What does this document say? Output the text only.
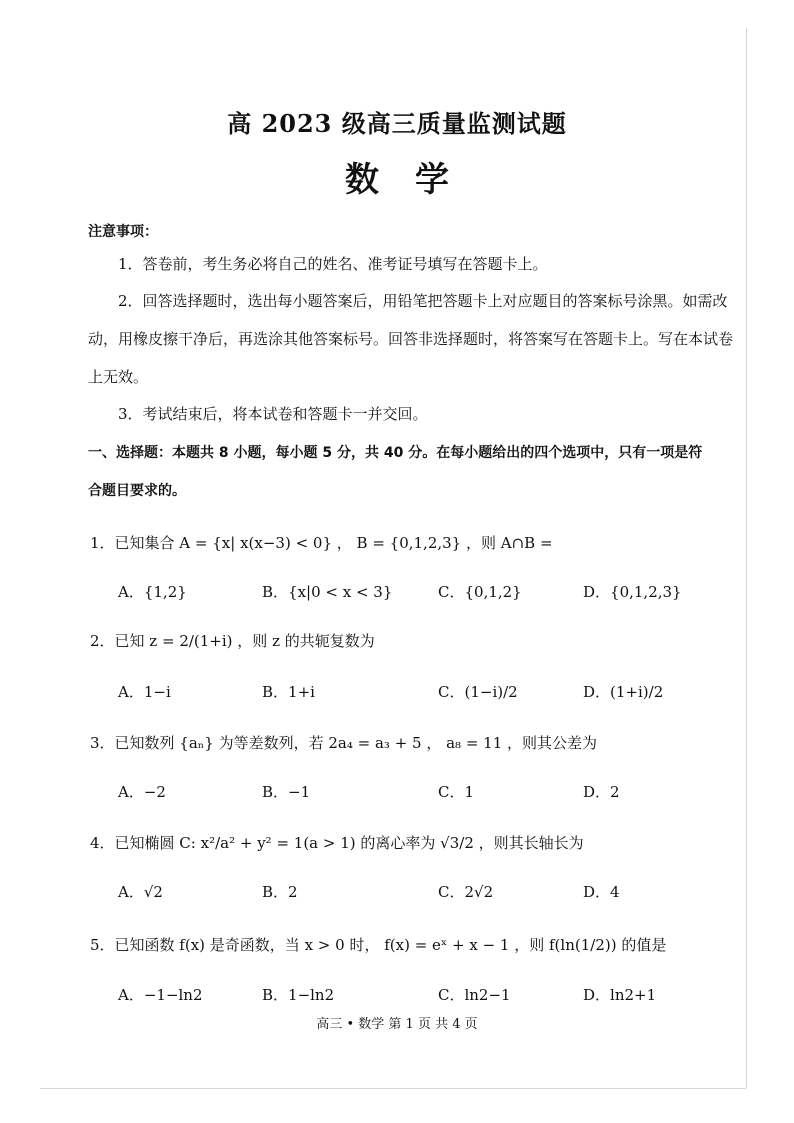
高 2023 级高三质量监测试题
数学
注意事项：
1．答卷前，考生务必将自己的姓名、准考证号填写在答题卡上。
2．回答选择题时，选出每小题答案后，用铅笔把答题卡上对应题目的答案标号涂黑。如需改
动，用橡皮擦干净后，再选涂其他答案标号。回答非选择题时，将答案写在答题卡上。写在本试卷
上无效。
3．考试结束后，将本试卷和答题卡一并交回。
一、选择题：本题共 8 小题，每小题 5 分，共 40 分。在每小题给出的四个选项中，只有一项是符
合题目要求的。
1．已知集合 A = {x| x(x−3) < 0} ， B = {0,1,2,3} ，则 A∩B =
A．{1,2}	B．{x|0 < x < 3}	C．{0,1,2}	D．{0,1,2,3}
2．已知 z = 2/(1+i) ，则 z 的共轭复数为
A．1−i	B．1+i	C．(1−i)/2	D．(1+i)/2
3．已知数列 {aₙ} 为等差数列，若 2a₄ = a₃ + 5 ， a₈ = 11 ，则其公差为
A．−2	B．−1	C．1	D．2
4．已知椭圆 C: x²/a² + y² = 1(a > 1) 的离心率为 √3/2 ，则其长轴长为
A．√2	B．2	C．2√2	D．4
5．已知函数 f(x) 是奇函数，当 x > 0 时， f(x) = eˣ + x − 1 ，则 f(ln(1/2)) 的值是
A．−1−ln2	B．1−ln2	C．ln2−1	D．ln2+1
高三 • 数学 第 1 页 共 4 页
